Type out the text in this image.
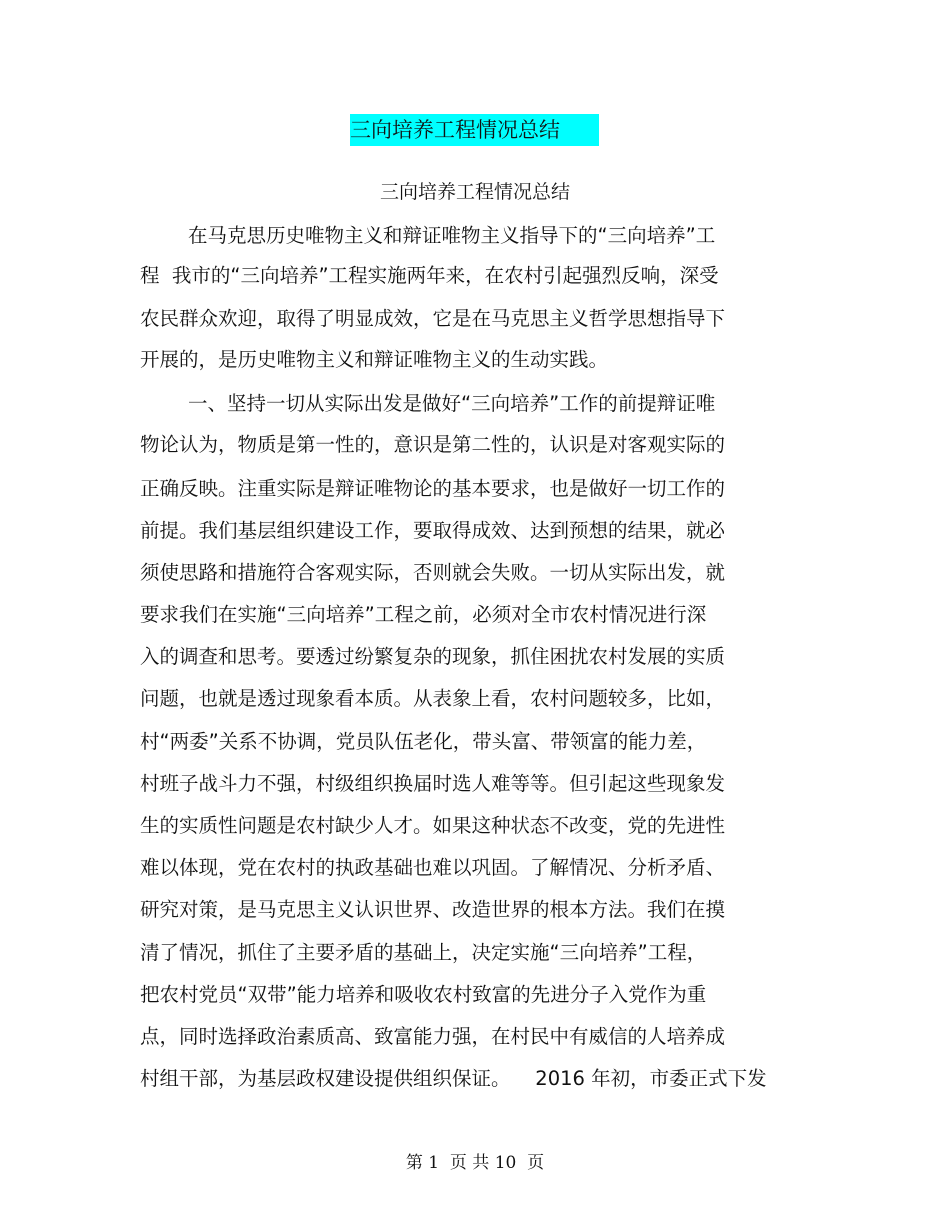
三向培养工程情况总结
三向培养工程情况总结
在马克思历史唯物主义和辩证唯物主义指导下的“三向培养”工
程  我市的“三向培养”工程实施两年来，在农村引起强烈反响，深受
农民群众欢迎，取得了明显成效，它是在马克思主义哲学思想指导下
开展的，是历史唯物主义和辩证唯物主义的生动实践。
一、坚持一切从实际出发是做好“三向培养”工作的前提辩证唯
物论认为，物质是第一性的，意识是第二性的，认识是对客观实际的
正确反映。注重实际是辩证唯物论的基本要求，也是做好一切工作的
前提。我们基层组织建设工作，要取得成效、达到预想的结果，就必
须使思路和措施符合客观实际，否则就会失败。一切从实际出发，就
要求我们在实施“三向培养”工程之前，必须对全市农村情况进行深
入的调查和思考。要透过纷繁复杂的现象，抓住困扰农村发展的实质
问题，也就是透过现象看本质。从表象上看，农村问题较多，比如，
村“两委”关系不协调，党员队伍老化，带头富、带领富的能力差，
村班子战斗力不强，村级组织换届时选人难等等。但引起这些现象发
生的实质性问题是农村缺少人才。如果这种状态不改变，党的先进性
难以体现，党在农村的执政基础也难以巩固。了解情况、分析矛盾、
研究对策，是马克思主义认识世界、改造世界的根本方法。我们在摸
清了情况，抓住了主要矛盾的基础上，决定实施“三向培养”工程，
把农村党员“双带”能力培养和吸收农村致富的先进分子入党作为重
点，同时选择政治素质高、致富能力强，在村民中有威信的人培养成
村组干部，为基层政权建设提供组织保证。    2016 年初，市委正式下发
第 1  页 共 10  页
